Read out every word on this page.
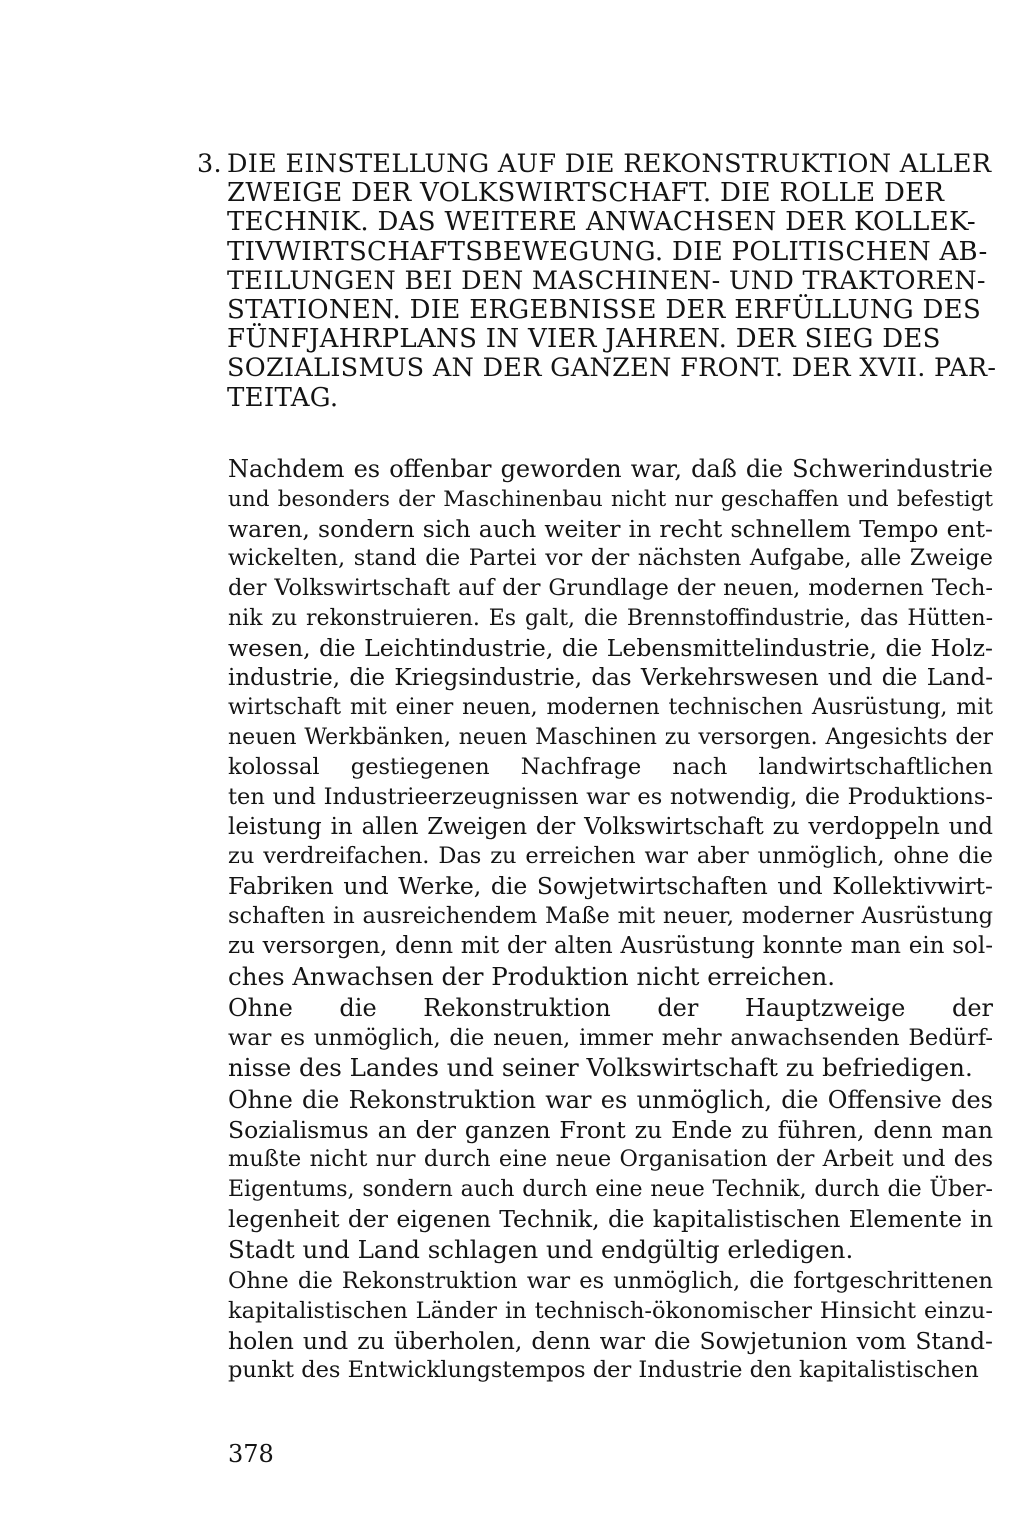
3. DIE EINSTELLUNG AUF DIE REKONSTRUKTION ALLER
ZWEIGE DER VOLKSWIRTSCHAFT. DIE ROLLE DER
TECHNIK. DAS WEITERE ANWACHSEN DER KOLLEK-
TIVWIRTSCHAFTSBEWEGUNG. DIE POLITISCHEN AB-
TEILUNGEN BEI DEN MASCHINEN- UND TRAKTOREN-
STATIONEN. DIE ERGEBNISSE DER ERFÜLLUNG DES
FÜNFJAHRPLANS IN VIER JAHREN. DER SIEG DES
SOZIALISMUS AN DER GANZEN FRONT. DER XVII. PAR-
TEITAG.
Nachdem es offenbar geworden war, daß die Schwerindustrie
und besonders der Maschinenbau nicht nur geschaffen und befestigt
waren, sondern sich auch weiter in recht schnellem Tempo ent-
wickelten, stand die Partei vor der nächsten Aufgabe, alle Zweige
der Volkswirtschaft auf der Grundlage der neuen, modernen Tech-
nik zu rekonstruieren. Es galt, die Brennstoffindustrie, das Hütten-
wesen, die Leichtindustrie, die Lebensmittelindustrie, die Holz-
industrie, die Kriegsindustrie, das Verkehrswesen und die Land-
wirtschaft mit einer neuen, modernen technischen Ausrüstung, mit
neuen Werkbänken, neuen Maschinen zu versorgen. Angesichts der
kolossal gestiegenen Nachfrage nach landwirtschaftlichen
ten und Industrieerzeugnissen war es notwendig, die Produktions-
leistung in allen Zweigen der Volkswirtschaft zu verdoppeln und
zu verdreifachen. Das zu erreichen war aber unmöglich, ohne die
Fabriken und Werke, die Sowjetwirtschaften und Kollektivwirt-
schaften in ausreichendem Maße mit neuer, moderner Ausrüstung
zu versorgen, denn mit der alten Ausrüstung konnte man ein sol-
ches Anwachsen der Produktion nicht erreichen.
Ohne die Rekonstruktion der Hauptzweige der
war es unmöglich, die neuen, immer mehr anwachsenden Bedürf-
nisse des Landes und seiner Volkswirtschaft zu befriedigen.
Ohne die Rekonstruktion war es unmöglich, die Offensive des
Sozialismus an der ganzen Front zu Ende zu führen, denn man
mußte nicht nur durch eine neue Organisation der Arbeit und des
Eigentums, sondern auch durch eine neue Technik, durch die Über-
legenheit der eigenen Technik, die kapitalistischen Elemente in
Stadt und Land schlagen und endgültig erledigen.
Ohne die Rekonstruktion war es unmöglich, die fortgeschrittenen
kapitalistischen Länder in technisch-ökonomischer Hinsicht einzu-
holen und zu überholen, denn war die Sowjetunion vom Stand-
punkt des Entwicklungstempos der Industrie den kapitalistischen
378
